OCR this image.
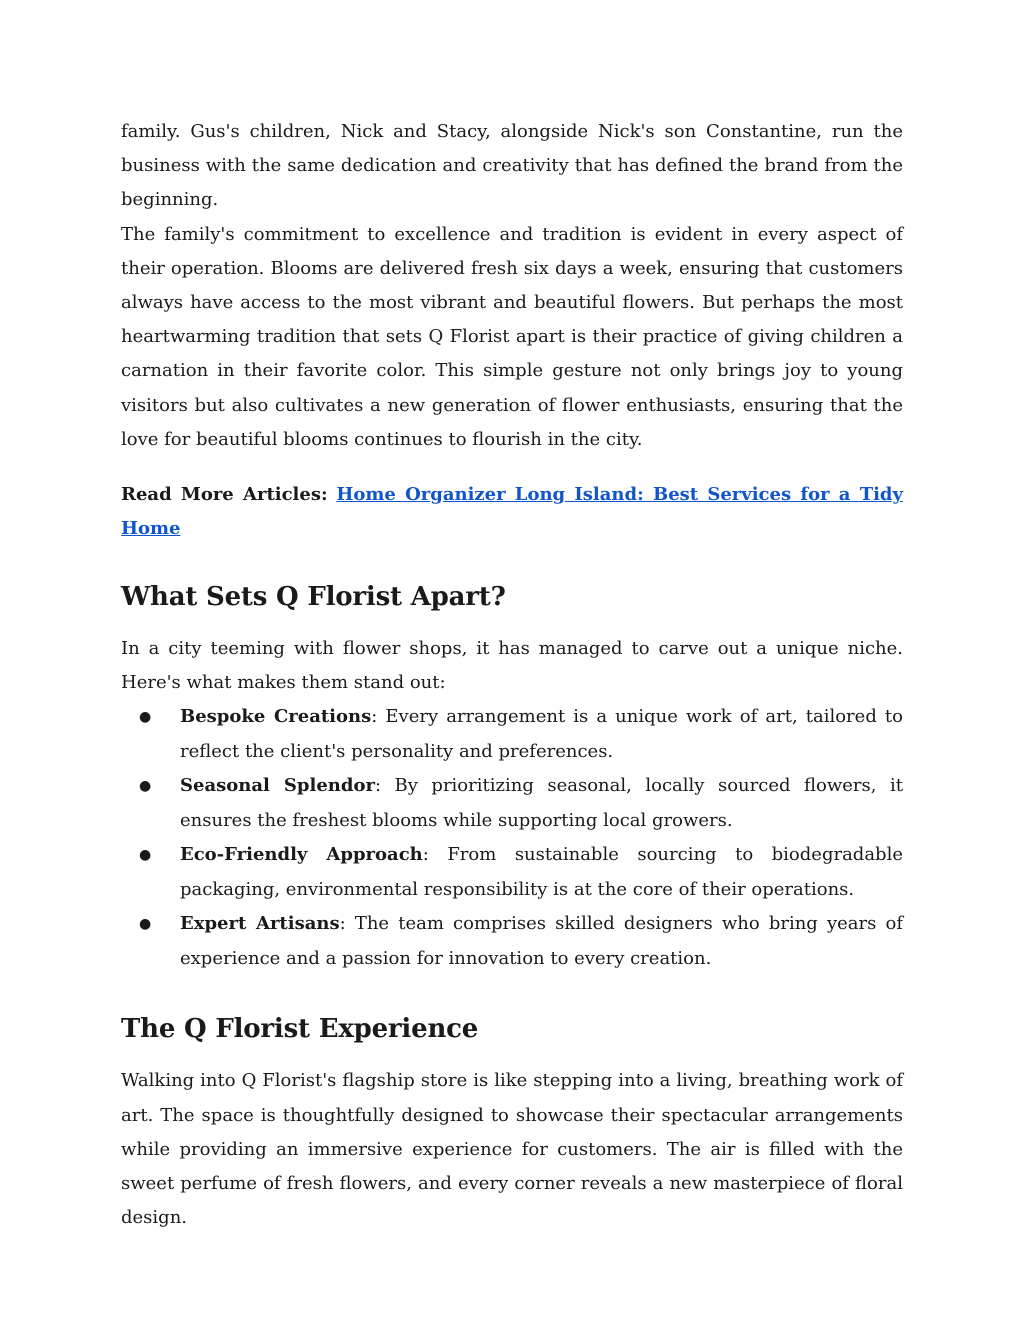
family. Gus's children, Nick and Stacy, alongside Nick's son Constantine, run the business with the same dedication and creativity that has defined the brand from the beginning.

The family's commitment to excellence and tradition is evident in every aspect of their operation. Blooms are delivered fresh six days a week, ensuring that customers always have access to the most vibrant and beautiful flowers. But perhaps the most heartwarming tradition that sets Q Florist apart is their practice of giving children a carnation in their favorite color. This simple gesture not only brings joy to young visitors but also cultivates a new generation of flower enthusiasts, ensuring that the love for beautiful blooms continues to flourish in the city.

Read More Articles: Home Organizer Long Island: Best Services for a Tidy Home

What Sets Q Florist Apart?

In a city teeming with flower shops, it has managed to carve out a unique niche. Here's what makes them stand out:

● Bespoke Creations: Every arrangement is a unique work of art, tailored to reflect the client's personality and preferences.
● Seasonal Splendor: By prioritizing seasonal, locally sourced flowers, it ensures the freshest blooms while supporting local growers.
● Eco-Friendly Approach: From sustainable sourcing to biodegradable packaging, environmental responsibility is at the core of their operations.
● Expert Artisans: The team comprises skilled designers who bring years of experience and a passion for innovation to every creation.
The Q Florist Experience

Walking into Q Florist's flagship store is like stepping into a living, breathing work of art. The space is thoughtfully designed to showcase their spectacular arrangements while providing an immersive experience for customers. The air is filled with the sweet perfume of fresh flowers, and every corner reveals a new masterpiece of floral design.
